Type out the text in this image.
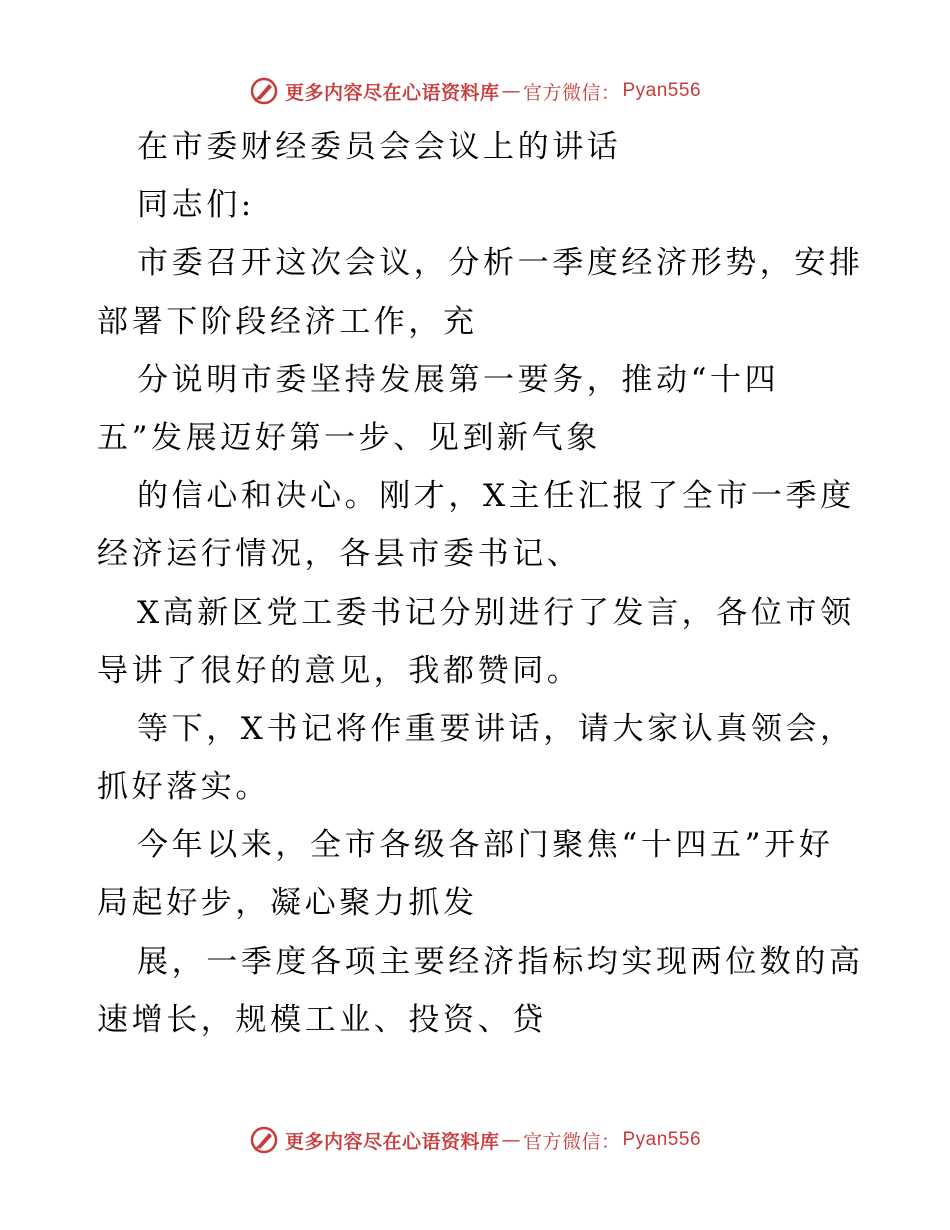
更多内容尽在心语资料库 — 官方微信： Pyan556
在市委财经委员会会议上的讲话
同志们:
市委召开这次会议，分析一季度经济形势，安排
部署下阶段经济工作，充
分说明市委坚持发展第一要务，推动“十四
五”发展迈好第一步、见到新气象
的信心和决心。刚才，X主任汇报了全市一季度
经济运行情况，各县市委书记、
X高新区党工委书记分别进行了发言，各位市领
导讲了很好的意见，我都赞同。
等下，X书记将作重要讲话，请大家认真领会，
抓好落实。
今年以来，全市各级各部门聚焦“十四五”开好
局起好步，凝心聚力抓发
展，一季度各项主要经济指标均实现两位数的高
速增长，规模工业、投资、贷
更多内容尽在心语资料库 — 官方微信： Pyan556
